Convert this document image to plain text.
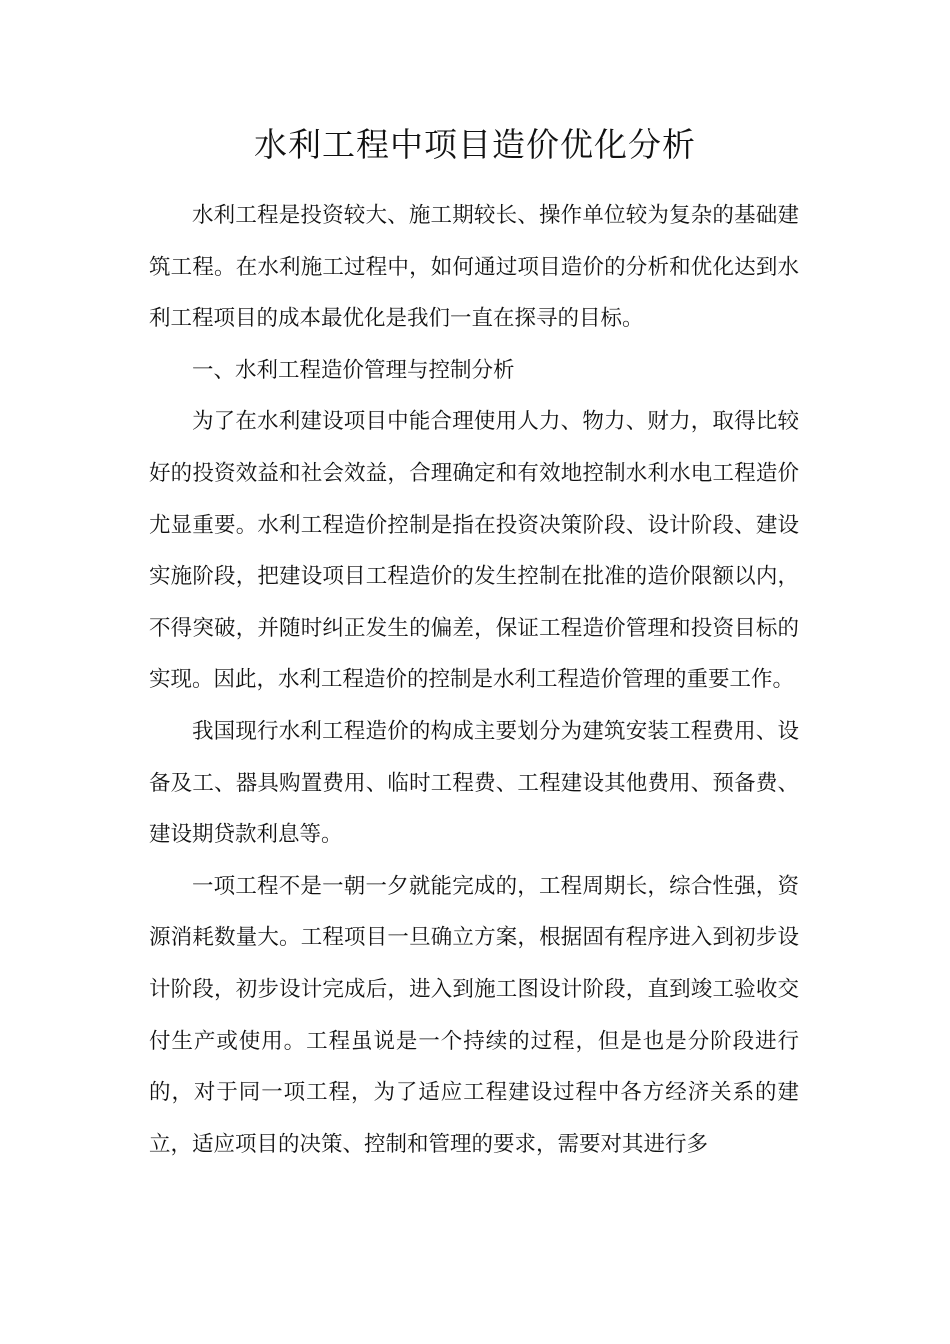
水利工程中项目造价优化分析

水利工程是投资较大、施工期较长、操作单位较为复杂的基础建筑工程。在水利施工过程中，如何通过项目造价的分析和优化达到水利工程项目的成本最优化是我们一直在探寻的目标。

一、水利工程造价管理与控制分析

为了在水利建设项目中能合理使用人力、物力、财力，取得比较好的投资效益和社会效益，合理确定和有效地控制水利水电工程造价尤显重要。水利工程造价控制是指在投资决策阶段、设计阶段、建设实施阶段，把建设项目工程造价的发生控制在批准的造价限额以内，不得突破，并随时纠正发生的偏差，保证工程造价管理和投资目标的实现。因此，水利工程造价的控制是水利工程造价管理的重要工作。

我国现行水利工程造价的构成主要划分为建筑安装工程费用、设备及工、器具购置费用、临时工程费、工程建设其他费用、预备费、建设期贷款利息等。

一项工程不是一朝一夕就能完成的，工程周期长，综合性强，资源消耗数量大。工程项目一旦确立方案，根据固有程序进入到初步设计阶段，初步设计完成后，进入到施工图设计阶段，直到竣工验收交付生产或使用。工程虽说是一个持续的过程，但是也是分阶段进行的，对于同一项工程，为了适应工程建设过程中各方经济关系的建立，适应项目的决策、控制和管理的要求，需要对其进行多
